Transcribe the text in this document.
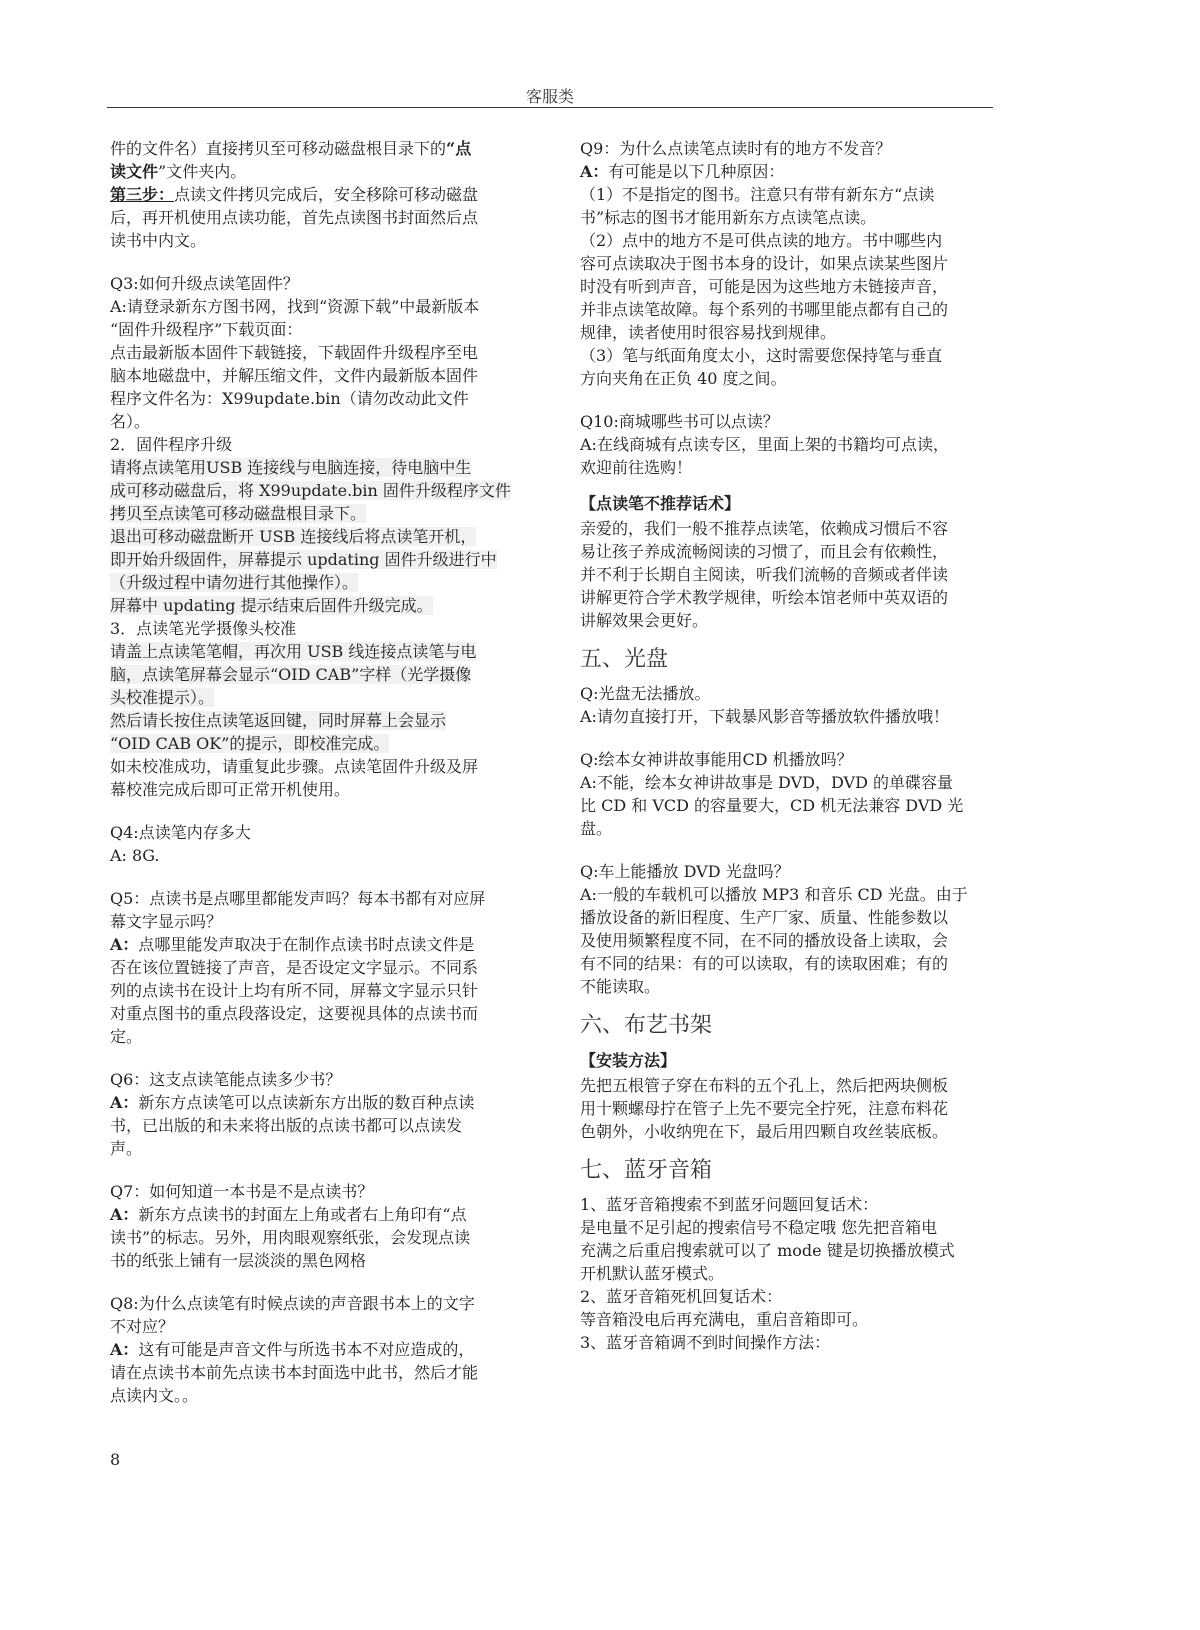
客服类
件的文件名）直接拷贝至可移动磁盘根目录下的“点
读文件”文件夹内。
第三步：点读文件拷贝完成后，安全移除可移动磁盘
后，再开机使用点读功能，首先点读图书封面然后点
读书中内文。
Q3:如何升级点读笔固件？
A:请登录新东方图书网，找到“资源下载”中最新版本
“固件升级程序”下载页面：
点击最新版本固件下载链接，下载固件升级程序至电
脑本地磁盘中，并解压缩文件，文件内最新版本固件
程序文件名为：X99update.bin（请勿改动此文件
名）。
2．固件程序升级
请将点读笔用USB 连接线与电脑连接，待电脑中生
成可移动磁盘后，将 X99update.bin 固件升级程序文件
拷贝至点读笔可移动磁盘根目录下。
退出可移动磁盘断开 USB 连接线后将点读笔开机，
即开始升级固件，屏幕提示 updating 固件升级进行中
（升级过程中请勿进行其他操作）。
屏幕中 updating 提示结束后固件升级完成。
3．点读笔光学摄像头校准
请盖上点读笔笔帽，再次用 USB 线连接点读笔与电
脑，点读笔屏幕会显示“OID CAB”字样（光学摄像
头校准提示）。
然后请长按住点读笔返回键，同时屏幕上会显示
“OID CAB OK”的提示，即校准完成。
如未校准成功，请重复此步骤。点读笔固件升级及屏
幕校准完成后即可正常开机使用。
Q4:点读笔内存多大
A: 8G.
Q5：点读书是点哪里都能发声吗？每本书都有对应屏
幕文字显示吗？
A：点哪里能发声取决于在制作点读书时点读文件是
否在该位置链接了声音，是否设定文字显示。不同系
列的点读书在设计上均有所不同，屏幕文字显示只针
对重点图书的重点段落设定，这要视具体的点读书而
定。
Q6：这支点读笔能点读多少书？
A：新东方点读笔可以点读新东方出版的数百种点读
书，已出版的和未来将出版的点读书都可以点读发
声。
Q7：如何知道一本书是不是点读书？
A：新东方点读书的封面左上角或者右上角印有“点
读书”的标志。另外，用肉眼观察纸张，会发现点读
书的纸张上铺有一层淡淡的黑色网格
Q8:为什么点读笔有时候点读的声音跟书本上的文字
不对应？
A：这有可能是声音文件与所选书本不对应造成的，
请在点读书本前先点读书本封面选中此书，然后才能
点读内文。。
Q9：为什么点读笔点读时有的地方不发音？
A：有可能是以下几种原因：
（1）不是指定的图书。注意只有带有新东方“点读
书”标志的图书才能用新东方点读笔点读。
（2）点中的地方不是可供点读的地方。书中哪些内
容可点读取决于图书本身的设计，如果点读某些图片
时没有听到声音，可能是因为这些地方未链接声音，
并非点读笔故障。每个系列的书哪里能点都有自己的
规律，读者使用时很容易找到规律。
（3）笔与纸面角度太小，这时需要您保持笔与垂直
方向夹角在正负 40 度之间。
Q10:商城哪些书可以点读？
A:在线商城有点读专区，里面上架的书籍均可点读，
欢迎前往选购！
【点读笔不推荐话术】
亲爱的，我们一般不推荐点读笔，依赖成习惯后不容
易让孩子养成流畅阅读的习惯了，而且会有依赖性，
并不利于长期自主阅读，听我们流畅的音频或者伴读
讲解更符合学术教学规律，听绘本馆老师中英双语的
讲解效果会更好。
五、光盘
Q:光盘无法播放。
A:请勿直接打开，下载暴风影音等播放软件播放哦！
Q:绘本女神讲故事能用CD 机播放吗？
A:不能，绘本女神讲故事是 DVD，DVD 的单碟容量
比 CD 和 VCD 的容量要大，CD 机无法兼容 DVD 光
盘。
Q:车上能播放 DVD 光盘吗？
A:一般的车载机可以播放 MP3 和音乐 CD 光盘。由于
播放设备的新旧程度、生产厂家、质量、性能参数以
及使用频繁程度不同，在不同的播放设备上读取，会
有不同的结果：有的可以读取，有的读取困难；有的
不能读取。
六、布艺书架
【安装方法】
先把五根管子穿在布料的五个孔上，然后把两块侧板
用十颗螺母拧在管子上先不要完全拧死，注意布料花
色朝外，小收纳兜在下，最后用四颗自攻丝装底板。
七、蓝牙音箱
1、蓝牙音箱搜索不到蓝牙问题回复话术：
是电量不足引起的搜索信号不稳定哦 您先把音箱电
充满之后重启搜索就可以了 mode 键是切换播放模式
开机默认蓝牙模式。
2、蓝牙音箱死机回复话术：
等音箱没电后再充满电，重启音箱即可。
3、蓝牙音箱调不到时间操作方法：
8
